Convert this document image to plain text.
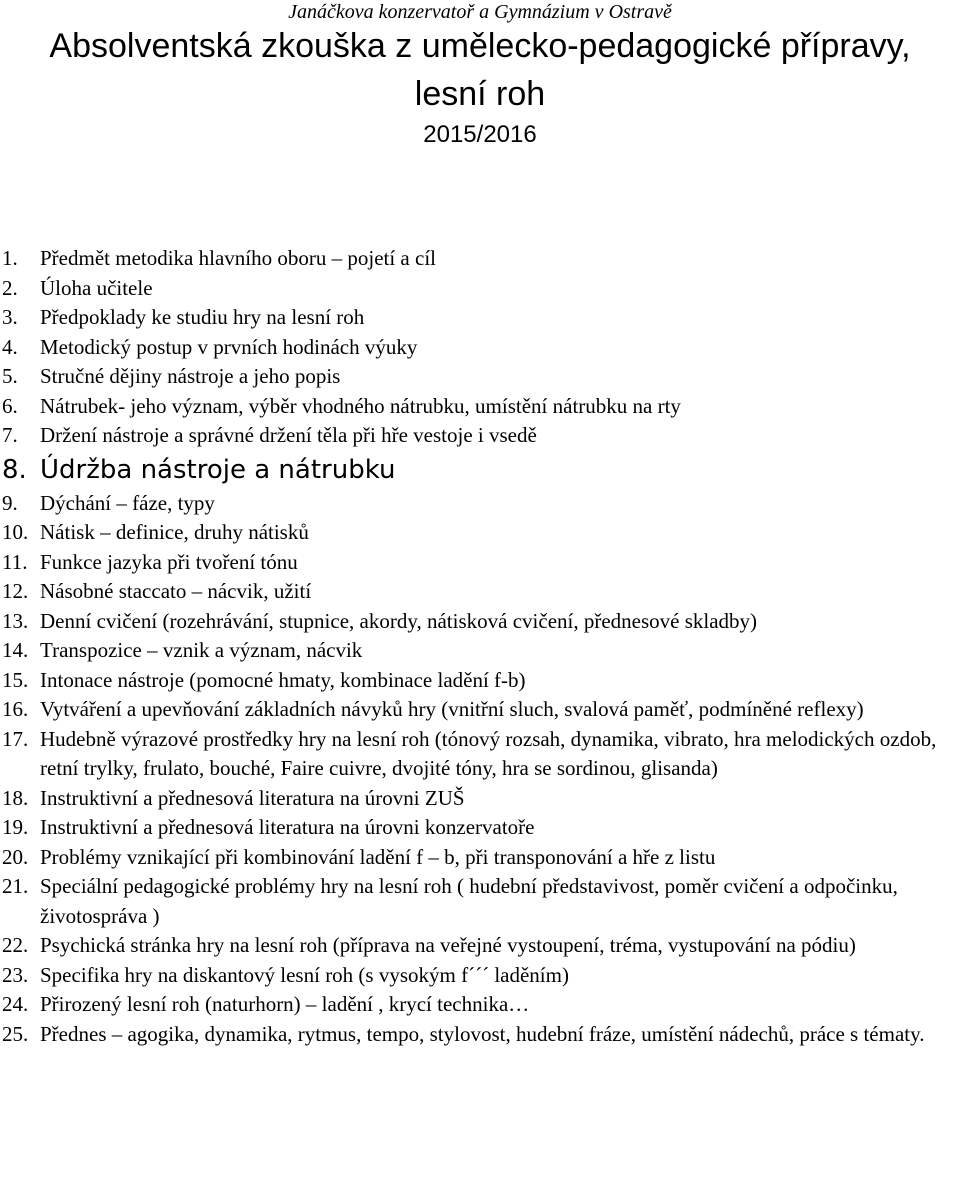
Janáčkova konzervatoř a Gymnázium v Ostravě

Absolventská zkouška z umělecko-pedagogické přípravy,

lesní roh

2015/2016

1. Předmět metodika hlavního oboru – pojetí a cíl
2. Úloha učitele
3. Předpoklady ke studiu hry na lesní roh
4. Metodický postup v prvních hodinách výuky
5. Stručné dějiny nástroje a jeho popis
6. Nátrubek- jeho význam, výběr vhodného nátrubku, umístění nátrubku na rty
7. Držení nástroje a správné držení těla při hře vestoje i vsedě
8. Údržba nástroje a nátrubku
9. Dýchání – fáze, typy
10. Nátisk – definice, druhy nátisků
11. Funkce jazyka při tvoření tónu
12. Násobné staccato – nácvik, užití
13. Denní cvičení (rozehrávání, stupnice, akordy, nátisková cvičení, přednesové skladby)
14. Transpozice – vznik a význam, nácvik
15. Intonace nástroje (pomocné hmaty, kombinace ladění f-b)
16. Vytváření a upevňování základních návyků hry (vnitřní sluch, svalová paměť, podmíněné reflexy)
17. Hudebně výrazové prostředky hry na lesní roh (tónový rozsah, dynamika, vibrato, hra melodických ozdob, retní trylky, frulato, bouché, Faire cuivre, dvojité tóny, hra se sordinou, glisanda)
18. Instruktivní a přednesová literatura na úrovni ZUŠ
19. Instruktivní a přednesová literatura na úrovni konzervatoře
20. Problémy vznikající při kombinování ladění f – b, při transponování a hře z listu
21. Speciální pedagogické problémy hry na lesní roh ( hudební představivost, poměr cvičení a odpočinku, životospráva )
22. Psychická stránka hry na lesní roh (příprava na veřejné vystoupení, tréma, vystupování na pódiu)
23. Specifika hry na diskantový lesní roh (s vysokým f´´´ laděním)
24. Přirozený lesní roh (naturhorn) – ladění , krycí technika…
25. Přednes – agogika, dynamika, rytmus, tempo, stylovost, hudební fráze, umístění nádechů, práce s tématy.
